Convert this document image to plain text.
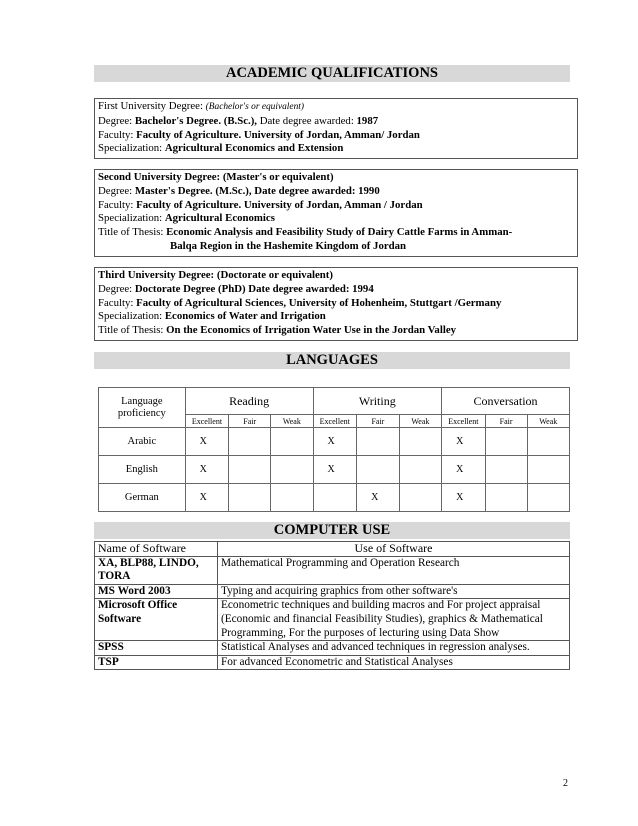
ACADEMIC QUALIFICATIONS
First University Degree: (Bachelor's or equivalent)
Degree: Bachelor's Degree. (B.Sc.), Date degree awarded: 1987
Faculty: Faculty of Agriculture. University of Jordan, Amman/ Jordan
Specialization: Agricultural Economics and Extension
Second University Degree: (Master's or equivalent)
Degree: Master's Degree. (M.Sc.), Date degree awarded: 1990
Faculty: Faculty of Agriculture. University of Jordan, Amman / Jordan
Specialization: Agricultural Economics
Title of Thesis: Economic Analysis and Feasibility Study of Dairy Cattle Farms in Amman-
Balqa Region in the Hashemite Kingdom of Jordan
Third University Degree: (Doctorate or equivalent)
Degree: Doctorate Degree (PhD) Date degree awarded: 1994
Faculty: Faculty of Agricultural Sciences, University of Hohenheim, Stuttgart /Germany
Specialization: Economics of Water and Irrigation
Title of Thesis: On the Economics of Irrigation Water Use in the Jordan Valley
LANGUAGES
Language
proficiency	Reading			Writing			Conversation		
	Excellent	Fair	Weak	Excellent	Fair	Weak	Excellent	Fair	Weak
Arabic	X			X			X		
English	X			X			X		
German	X				X		X		
COMPUTER USE
Name of Software	Use of Software
XA, BLP88, LINDO, TORA	Mathematical Programming and Operation Research
MS Word 2003	Typing and acquiring graphics from other software's
Microsoft Office Software	Econometric techniques and building macros and For project appraisal (Economic and financial Feasibility Studies), graphics & Mathematical Programming, For the purposes of lecturing using Data Show
SPSS	Statistical Analyses and advanced techniques in regression analyses.
TSP	For advanced Econometric and Statistical Analyses
2
